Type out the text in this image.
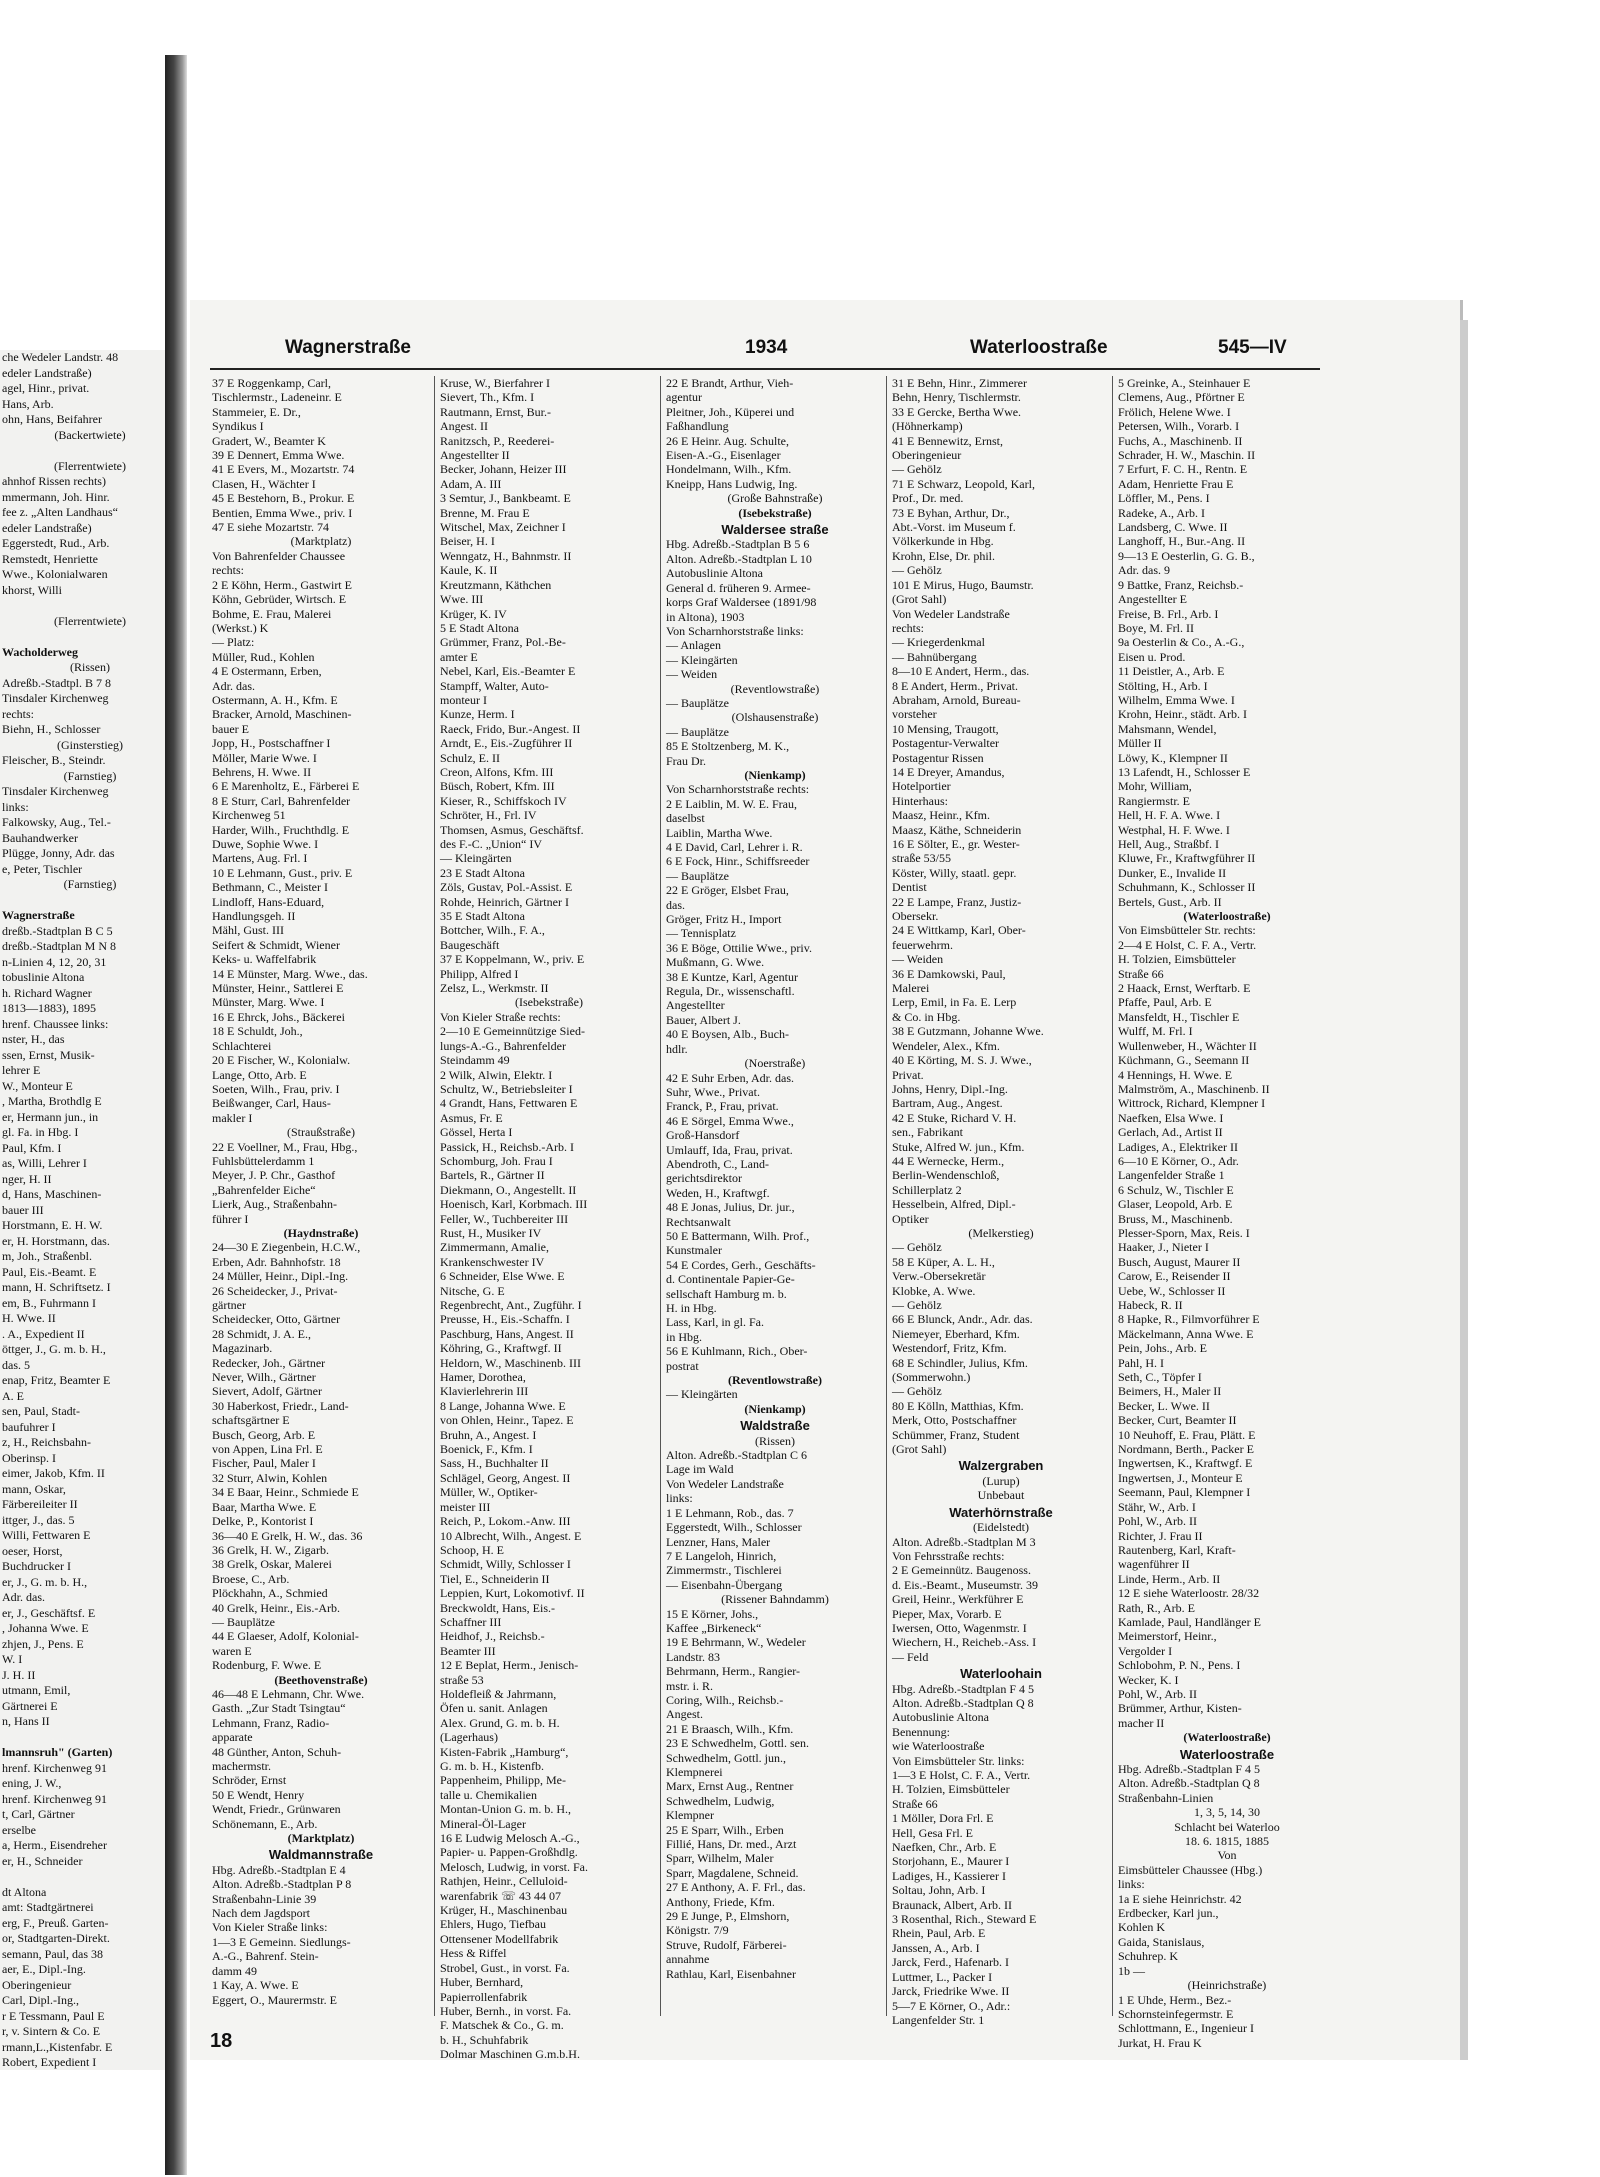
che Wedeler Landstr. 48
edeler Landstraße)
agel, Hinr., privat.
Hans, Arb.
ohn, Hans, Beifahrer
(Backertwiete)

(Flerrentwiete)
ahnhof Rissen rechts)
mmermann, Joh. Hinr.
fee z. „Alten Landhaus“
edeler Landstraße)
Eggerstedt, Rud., Arb.
Remstedt, Henriette
Wwe., Kolonialwaren
khorst, Willi

(Flerrentwiete)

Wacholderweg
(Rissen)
Adreßb.-Stadtpl. B 7 8
Tinsdaler Kirchenweg
rechts:
Biehn, H., Schlosser
(Ginsterstieg)
Fleischer, B., Steindr.
(Farnstieg)
Tinsdaler Kirchenweg
links:
Falkowsky, Aug., Tel.-
Bauhandwerker
Plügge, Jonny, Adr. das
e, Peter, Tischler
(Farnstieg)

Wagnerstraße
dreßb.-Stadtplan B C 5
dreßb.-Stadtplan M N 8
n-Linien 4, 12, 20, 31
tobuslinie Altona
h. Richard Wagner
1813—1883), 1895
hrenf. Chaussee links:
nster, H., das
ssen, Ernst, Musik-
lehrer E
W., Monteur E
, Martha, Brothdlg E
er, Hermann jun., in
gl. Fa. in Hbg. I
Paul, Kfm. I
as, Willi, Lehrer I
nger, H. II
d, Hans, Maschinen-
bauer III
Horstmann, E. H. W.
er, H. Horstmann, das.
m, Joh., Straßenbl.
Paul, Eis.-Beamt. E
mann, H. Schriftsetz. I
em, B., Fuhrmann I
H. Wwe. II
. A., Expedient II
öttger, J., G. m. b. H.,
das. 5
enap, Fritz, Beamter E
A. E
sen, Paul, Stadt-
baufuhrer I
z, H., Reichsbahn-
Oberinsp. I
eimer, Jakob, Kfm. II
mann, Oskar,
Färbereileiter II
ittger, J., das. 5
Willi, Fettwaren E
oeser, Horst,
Buchdrucker I
er, J., G. m. b. H.,
Adr. das.
er, J., Geschäftsf. E
, Johanna Wwe. E
zhjen, J., Pens. E
W. I
J. H. II
utmann, Emil,
Gärtnerei E
n, Hans II

lmannsruh" (Garten)
hrenf. Kirchenweg 91
ening, J. W.,
hrenf. Kirchenweg 91
t, Carl, Gärtner
erselbe
a, Herm., Eisendreher
er, H., Schneider

dt Altona
amt: Stadtgärtnerei
erg, F., Preuß. Garten-
or, Stadtgarten-Direkt.
semann, Paul, das 38
aer, E., Dipl.-Ing.
Oberingenieur
Carl, Dipl.-Ing.,
r E Tessmann, Paul E
r, v. Sintern & Co. E
rmann,L.,Kistenfabr. E
Robert, Expedient I
Wagnerstraße	1934	Waterloostraße	545—IV
37 E Roggenkamp, Carl,
Tischlermstr., Ladeneinr. E
Stammeier, E. Dr.,
Syndikus I
Gradert, W., Beamter K
39 E Dennert, Emma Wwe.
41 E Evers, M., Mozartstr. 74
Clasen, H., Wächter I
45 E Bestehorn, B., Prokur. E
Bentien, Emma Wwe., priv. I
47 E siehe Mozartstr. 74
(Marktplatz)
Von Bahrenfelder Chaussee
rechts:
2 E Köhn, Herm., Gastwirt E
Köhn, Gebrüder, Wirtsch. E
Bohme, E. Frau, Malerei
(Werkst.) K
— Platz:
Müller, Rud., Kohlen
4 E Ostermann, Erben,
Adr. das.
Ostermann, A. H., Kfm. E
Bracker, Arnold, Maschinen-
bauer E
Jopp, H., Postschaffner I
Möller, Marie Wwe. I
Behrens, H. Wwe. II
6 E Marenholtz, E., Färberei E
8 E Sturr, Carl, Bahrenfelder
Kirchenweg 51
Harder, Wilh., Fruchthdlg. E
Duwe, Sophie Wwe. I
Martens, Aug. Frl. I
10 E Lehmann, Gust., priv. E
Bethmann, C., Meister I
Lindloff, Hans-Eduard,
Handlungsgeh. II
Mähl, Gust. III
Seifert & Schmidt, Wiener
Keks- u. Waffelfabrik
14 E Münster, Marg. Wwe., das.
Münster, Heinr., Sattlerei E
Münster, Marg. Wwe. I
16 E Ehrck, Johs., Bäckerei
18 E Schuldt, Joh.,
Schlachterei
20 E Fischer, W., Kolonialw.
Lange, Otto, Arb. E
Soeten, Wilh., Frau, priv. I
Beißwanger, Carl, Haus-
makler I
(Straußstraße)
22 E Voellner, M., Frau, Hbg.,
Fuhlsbüttelerdamm 1
Meyer, J. P. Chr., Gasthof
„Bahrenfelder Eiche“
Lierk, Aug., Straßenbahn-
führer I
(Haydnstraße)
24—30 E Ziegenbein, H.C.W.,
Erben, Adr. Bahnhofstr. 18
24 Müller, Heinr., Dipl.-Ing.
26 Scheidecker, J., Privat-
gärtner
Scheidecker, Otto, Gärtner
28 Schmidt, J. A. E.,
Magazinarb.
Redecker, Joh., Gärtner
Never, Wilh., Gärtner
Sievert, Adolf, Gärtner
30 Haberkost, Friedr., Land-
schaftsgärtner E
Busch, Georg, Arb. E
von Appen, Lina Frl. E
Fischer, Paul, Maler I
32 Sturr, Alwin, Kohlen
34 E Baar, Heinr., Schmiede E
Baar, Martha Wwe. E
Delke, P., Kontorist I
36—40 E Grelk, H. W., das. 36
36 Grelk, H. W., Zigarb.
38 Grelk, Oskar, Malerei
Broese, C., Arb.
Plöckhahn, A., Schmied
40 Grelk, Heinr., Eis.-Arb.
— Bauplätze
44 E Glaeser, Adolf, Kolonial-
waren E
Rodenburg, F. Wwe. E
(Beethovenstraße)
46—48 E Lehmann, Chr. Wwe.
Gasth. „Zur Stadt Tsingtau“
Lehmann, Franz, Radio-
apparate
48 Günther, Anton, Schuh-
machermstr.
Schröder, Ernst
50 E Wendt, Henry
Wendt, Friedr., Grünwaren
Schönemann, E., Arb.
(Marktplatz)
Waldmannstraße
Hbg. Adreßb.-Stadtplan E 4
Alton. Adreßb.-Stadtplan P 8
Straßenbahn-Linie 39
Nach dem Jagdsport
Von Kieler Straße links:
1—3 E Gemeinn. Siedlungs-
A.-G., Bahrenf. Stein-
damm 49
1 Kay, A. Wwe. E
Eggert, O., Maurermstr. E
Kruse, W., Bierfahrer I
Sievert, Th., Kfm. I
Rautmann, Ernst, Bur.-
Angest. II
Ranitzsch, P., Reederei-
Angestellter II
Becker, Johann, Heizer III
Adam, A. III
3 Semtur, J., Bankbeamt. E
Brenne, M. Frau E
Witschel, Max, Zeichner I
Beiser, H. I
Wenngatz, H., Bahnmstr. II
Kaule, K. II
Kreutzmann, Käthchen
Wwe. III
Krüger, K. IV
5 E Stadt Altona
Grümmer, Franz, Pol.-Be-
amter E
Nebel, Karl, Eis.-Beamter E
Stampff, Walter, Auto-
monteur I
Kunze, Herm. I
Raeck, Frido, Bur.-Angest. II
Arndt, E., Eis.-Zugführer II
Schulz, E. II
Creon, Alfons, Kfm. III
Büsch, Robert, Kfm. III
Kieser, R., Schiffskoch IV
Schröter, H., Frl. IV
Thomsen, Asmus, Geschäftsf.
des F.-C. „Union“ IV
— Kleingärten
23 E Stadt Altona
Zöls, Gustav, Pol.-Assist. E
Rohde, Heinrich, Gärtner I
35 E Stadt Altona
Bottcher, Wilh., F. A.,
Baugeschäft
37 E Koppelmann, W., priv. E
Philipp, Alfred I
Zelsz, L., Werkmstr. II
(Isebekstraße)
Von Kieler Straße rechts:
2—10 E Gemeinnützige Sied-
lungs-A.-G., Bahrenfelder
Steindamm 49
2 Wilk, Alwin, Elektr. I
Schultz, W., Betriebsleiter I
4 Grandt, Hans, Fettwaren E
Asmus, Fr. E
Gössel, Herta I
Passick, H., Reichsb.-Arb. I
Schomburg, Joh. Frau I
Bartels, R., Gärtner II
Diekmann, O., Angestellt. II
Hoenisch, Karl, Korbmach. III
Feller, W., Tuchbereiter III
Rust, H., Musiker IV
Zimmermann, Amalie,
Krankenschwester IV
6 Schneider, Else Wwe. E
Nitsche, G. E
Regenbrecht, Ant., Zugführ. I
Preusse, H., Eis.-Schaffn. I
Paschburg, Hans, Angest. II
Köhring, G., Kraftwgf. II
Heldorn, W., Maschinenb. III
Hamer, Dorothea,
Klavierlehrerin III
8 Lange, Johanna Wwe. E
von Ohlen, Heinr., Tapez. E
Bruhn, A., Angest. I
Boenick, F., Kfm. I
Sass, H., Buchhalter II
Schlägel, Georg, Angest. II
Müller, W., Optiker-
meister III
Reich, P., Lokom.-Anw. III
10 Albrecht, Wilh., Angest. E
Schoop, H. E
Schmidt, Willy, Schlosser I
Tiel, E., Schneiderin II
Leppien, Kurt, Lokomotivf. II
Breckwoldt, Hans, Eis.-
Schaffner III
Heidhof, J., Reichsb.-
Beamter III
12 E Beplat, Herm., Jenisch-
straße 53
Holdefleiß & Jahrmann,
Öfen u. sanit. Anlagen
Alex. Grund, G. m. b. H.
(Lagerhaus)
Kisten-Fabrik „Hamburg“,
G. m. b. H., Kistenfb.
Pappenheim, Philipp, Me-
talle u. Chemikalien
Montan-Union G. m. b. H.,
Mineral-Öl-Lager
16 E Ludwig Melosch A.-G.,
Papier- u. Pappen-Großhdlg.
Melosch, Ludwig, in vorst. Fa.
Rathjen, Heinr., Celluloid-
warenfabrik ☏ 43 44 07
Krüger, H., Maschinenbau
Ehlers, Hugo, Tiefbau
Ottensener Modellfabrik
Hess & Riffel
Strobel, Gust., in vorst. Fa.
Huber, Bernhard,
Papierrollenfabrik
Huber, Bernh., in vorst. Fa.
F. Matschek & Co., G. m.
b. H., Schuhfabrik
Dolmar Maschinen G.m.b.H.
22 E Brandt, Arthur, Vieh-
agentur
Pleitner, Joh., Küperei und
Faßhandlung
26 E Heinr. Aug. Schulte,
Eisen-A.-G., Eisenlager
Hondelmann, Wilh., Kfm.
Kneipp, Hans Ludwig, Ing.
(Große Bahnstraße)
(Isebekstraße)
Waldersee straße
Hbg. Adreßb.-Stadtplan B 5 6
Alton. Adreßb.-Stadtplan L 10
Autobuslinie Altona
General d. früheren 9. Armee-
korps Graf Waldersee (1891/98
in Altona), 1903
Von Scharnhorststraße links:
— Anlagen
— Kleingärten
— Weiden
(Reventlowstraße)
— Bauplätze
(Olshausenstraße)
— Bauplätze
85 E Stoltzenberg, M. K.,
Frau Dr.
(Nienkamp)
Von Scharnhorststraße rechts:
2 E Laiblin, M. W. E. Frau,
daselbst
Laiblin, Martha Wwe.
4 E David, Carl, Lehrer i. R.
6 E Fock, Hinr., Schiffsreeder
— Bauplätze
22 E Gröger, Elsbet Frau,
das.
Gröger, Fritz H., Import
— Tennisplatz
36 E Böge, Ottilie Wwe., priv.
Mußmann, G. Wwe.
38 E Kuntze, Karl, Agentur
Regula, Dr., wissenschaftl.
Angestellter
Bauer, Albert J.
40 E Boysen, Alb., Buch-
hdlr.
(Noerstraße)
42 E Suhr Erben, Adr. das.
Suhr, Wwe., Privat.
Franck, P., Frau, privat.
46 E Sörgel, Emma Wwe.,
Groß-Hansdorf
Umlauff, Ida, Frau, privat.
Abendroth, C., Land-
gerichtsdirektor
Weden, H., Kraftwgf.
48 E Jonas, Julius, Dr. jur.,
Rechtsanwalt
50 E Battermann, Wilh. Prof.,
Kunstmaler
54 E Cordes, Gerh., Geschäfts-
d. Continentale Papier-Ge-
sellschaft Hamburg m. b.
H. in Hbg.
Lass, Karl, in gl. Fa.
in Hbg.
56 E Kuhlmann, Rich., Ober-
postrat
(Reventlowstraße)
— Kleingärten
(Nienkamp)
Waldstraße
(Rissen)
Alton. Adreßb.-Stadtplan C 6
Lage im Wald
Von Wedeler Landstraße
links:
1 E Lehmann, Rob., das. 7
Eggerstedt, Wilh., Schlosser
Lenzner, Hans, Maler
7 E Langeloh, Hinrich,
Zimmermstr., Tischlerei
— Eisenbahn-Übergang
(Rissener Bahndamm)
15 E Körner, Johs.,
Kaffee „Birkeneck“
19 E Behrmann, W., Wedeler
Landstr. 83
Behrmann, Herm., Rangier-
mstr. i. R.
Coring, Wilh., Reichsb.-
Angest.
21 E Braasch, Wilh., Kfm.
23 E Schwedhelm, Gottl. sen.
Schwedhelm, Gottl. jun.,
Klempnerei
Marx, Ernst Aug., Rentner
Schwedhelm, Ludwig,
Klempner
25 E Sparr, Wilh., Erben
Fillié, Hans, Dr. med., Arzt
Sparr, Wilhelm, Maler
Sparr, Magdalene, Schneid.
27 E Anthony, A. F. Frl., das.
Anthony, Friede, Kfm.
29 E Junge, P., Elmshorn,
Königstr. 7/9
Struve, Rudolf, Färberei-
annahme
Rathlau, Karl, Eisenbahner
31 E Behn, Hinr., Zimmerer
Behn, Henry, Tischlermstr.
33 E Gercke, Bertha Wwe.
(Höhnerkamp)
41 E Bennewitz, Ernst,
Oberingenieur
— Gehölz
71 E Schwarz, Leopold, Karl,
Prof., Dr. med.
73 E Byhan, Arthur, Dr.,
Abt.-Vorst. im Museum f.
Völkerkunde in Hbg.
Krohn, Else, Dr. phil.
— Gehölz
101 E Mirus, Hugo, Baumstr.
(Grot Sahl)
Von Wedeler Landstraße
rechts:
— Kriegerdenkmal
— Bahnübergang
8—10 E Andert, Herm., das.
8 E Andert, Herm., Privat.
Abraham, Arnold, Bureau-
vorsteher
10 Mensing, Traugott,
Postagentur-Verwalter
Postagentur Rissen
14 E Dreyer, Amandus,
Hotelportier
Hinterhaus:
Maasz, Heinr., Kfm.
Maasz, Käthe, Schneiderin
16 E Sölter, E., gr. Wester-
straße 53/55
Köster, Willy, staatl. gepr.
Dentist
22 E Lampe, Franz, Justiz-
Obersekr.
24 E Wittkamp, Karl, Ober-
feuerwehrm.
— Weiden
36 E Damkowski, Paul,
Malerei
Lerp, Emil, in Fa. E. Lerp
& Co. in Hbg.
38 E Gutzmann, Johanne Wwe.
Wendeler, Alex., Kfm.
40 E Körting, M. S. J. Wwe.,
Privat.
Johns, Henry, Dipl.-Ing.
Bartram, Aug., Angest.
42 E Stuke, Richard V. H.
sen., Fabrikant
Stuke, Alfred W. jun., Kfm.
44 E Wernecke, Herm.,
Berlin-Wendenschloß,
Schillerplatz 2
Hesselbein, Alfred, Dipl.-
Optiker
(Melkerstieg)
— Gehölz
58 E Küper, A. L. H.,
Verw.-Obersekretär
Klobke, A. Wwe.
— Gehölz
66 E Blunck, Andr., Adr. das.
Niemeyer, Eberhard, Kfm.
Westendorf, Fritz, Kfm.
68 E Schindler, Julius, Kfm.
(Sommerwohn.)
— Gehölz
80 E Kölln, Matthias, Kfm.
Merk, Otto, Postschaffner
Schümmer, Franz, Student
(Grot Sahl)
Walzergraben
(Lurup)
Unbebaut
Waterhörnstraße
(Eidelstedt)
Alton. Adreßb.-Stadtplan M 3
Von Fehrsstraße rechts:
2 E Gemeinnütz. Baugenoss.
d. Eis.-Beamt., Museumstr. 39
Greil, Heinr., Werkführer E
Pieper, Max, Vorarb. E
Iwersen, Otto, Wagenmstr. I
Wiechern, H., Reicheb.-Ass. I
— Feld
Waterloohain
Hbg. Adreßb.-Stadtplan F 4 5
Alton. Adreßb.-Stadtplan Q 8
Autobuslinie Altona
Benennung:
wie Waterloostraße
Von Eimsbütteler Str. links:
1—3 E Holst, C. F. A., Vertr.
H. Tolzien, Eimsbütteler
Straße 66
1 Möller, Dora Frl. E
Hell, Gesa Frl. E
Naefken, Chr., Arb. E
Storjohann, E., Maurer I
Ladiges, H., Kassierer I
Soltau, John, Arb. I
Braunack, Albert, Arb. II
3 Rosenthal, Rich., Steward E
Rhein, Paul, Arb. E
Janssen, A., Arb. I
Jarck, Ferd., Hafenarb. I
Luttmer, L., Packer I
Jarck, Friedrike Wwe. II
5—7 E Körner, O., Adr.:
Langenfelder Str. 1
5 Greinke, A., Steinhauer E
Clemens, Aug., Pförtner E
Frölich, Helene Wwe. I
Petersen, Wilh., Vorarb. I
Fuchs, A., Maschinenb. II
Schrader, H. W., Maschin. II
7 Erfurt, F. C. H., Rentn. E
Adam, Henriette Frau E
Löffler, M., Pens. I
Radeke, A., Arb. I
Landsberg, C. Wwe. II
Langhoff, H., Bur.-Ang. II
9—13 E Oesterlin, G. G. B.,
Adr. das. 9
9 Battke, Franz, Reichsb.-
Angestellter E
Freise, B. Frl., Arb. I
Boye, M. Frl. II
9a Oesterlin & Co., A.-G.,
Eisen u. Prod.
11 Deistler, A., Arb. E
Stölting, H., Arb. I
Wilhelm, Emma Wwe. I
Krohn, Heinr., städt. Arb. I
Mahsmann, Wendel,
Müller II
Löwy, K., Klempner II
13 Lafendt, H., Schlosser E
Mohr, William,
Rangiermstr. E
Hell, H. F. A. Wwe. I
Westphal, H. F. Wwe. I
Hell, Aug., Straßbf. I
Kluwe, Fr., Kraftwgführer II
Dunker, E., Invalide II
Schuhmann, K., Schlosser II
Bertels, Gust., Arb. II
(Waterloostraße)
Von Eimsbütteler Str. rechts:
2—4 E Holst, C. F. A., Vertr.
H. Tolzien, Eimsbütteler
Straße 66
2 Haack, Ernst, Werftarb. E
Pfaffe, Paul, Arb. E
Mansfeldt, H., Tischler E
Wulff, M. Frl. I
Wullenweber, H., Wächter II
Küchmann, G., Seemann II
4 Hennings, H. Wwe. E
Malmström, A., Maschinenb. II
Wittrock, Richard, Klempner I
Naefken, Elsa Wwe. I
Gerlach, Ad., Artist II
Ladiges, A., Elektriker II
6—10 E Körner, O., Adr.
Langenfelder Straße 1
6 Schulz, W., Tischler E
Glaser, Leopold, Arb. E
Bruss, M., Maschinenb.
Plesser-Sporn, Max, Reis. I
Haaker, J., Nieter I
Busch, August, Maurer II
Carow, E., Reisender II
Uebe, W., Schlosser II
Habeck, R. II
8 Hapke, R., Filmvorführer E
Mäckelmann, Anna Wwe. E
Pein, Johs., Arb. E
Pahl, H. I
Seth, C., Töpfer I
Beimers, H., Maler II
Becker, L. Wwe. II
Becker, Curt, Beamter II
10 Neuhoff, E. Frau, Plätt. E
Nordmann, Berth., Packer E
Ingwertsen, K., Kraftwgf. E
Ingwertsen, J., Monteur E
Seemann, Paul, Klempner I
Stähr, W., Arb. I
Pohl, W., Arb. II
Richter, J. Frau II
Rautenberg, Karl, Kraft-
wagenführer II
Linde, Herm., Arb. II
12 E siehe Waterloostr. 28/32
Rath, R., Arb. E
Kamlade, Paul, Handlänger E
Meimerstorf, Heinr.,
Vergolder I
Schlobohm, P. N., Pens. I
Wecker, K. I
Pohl, W., Arb. II
Brümmer, Arthur, Kisten-
macher II
(Waterloostraße)
Waterloostraße
Hbg. Adreßb.-Stadtplan F 4 5
Alton. Adreßb.-Stadtplan Q 8
Straßenbahn-Linien
1, 3, 5, 14, 30
Schlacht bei Waterloo
18. 6. 1815, 1885
Von
Eimsbütteler Chaussee (Hbg.)
links:
1a E siehe Heinrichstr. 42
Erdbecker, Karl jun.,
Kohlen K
Gaida, Stanislaus,
Schuhrep. K
1b —
(Heinrichstraße)
1 E Uhde, Herm., Bez.-
Schornsteinfegermstr. E
Schlottmann, E., Ingenieur I
Jurkat, H. Frau K
18
